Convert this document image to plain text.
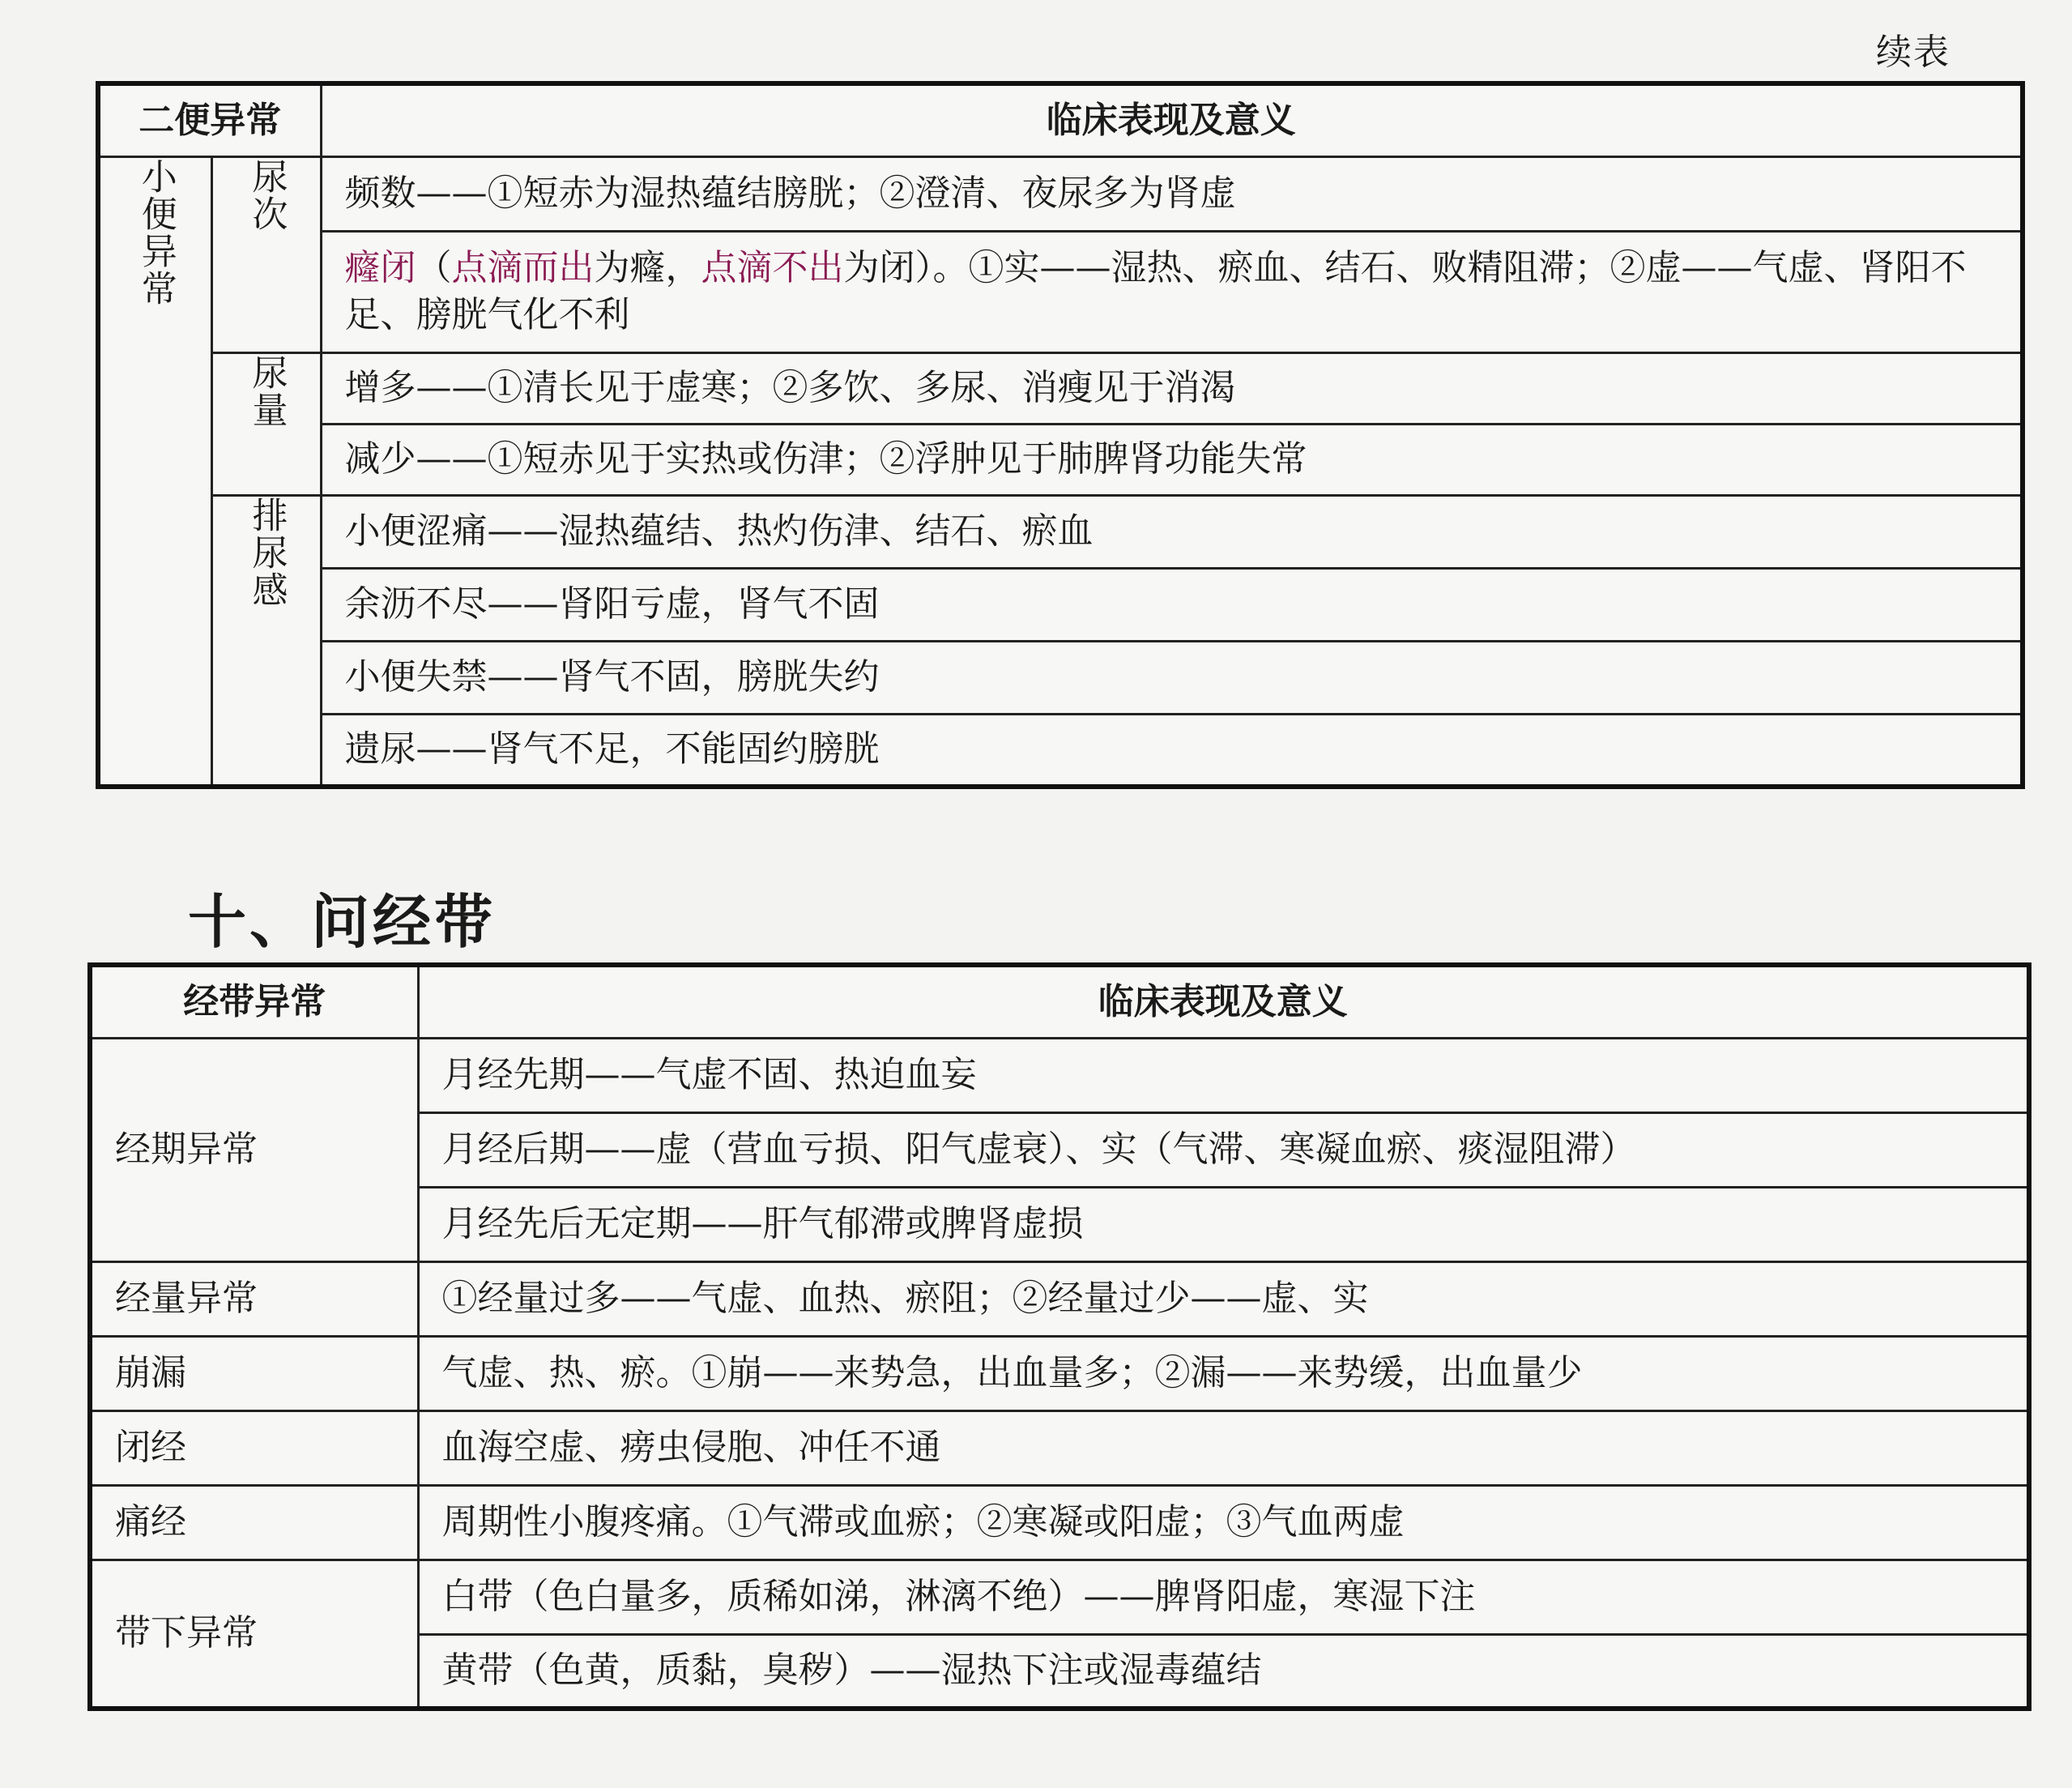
续表
二便异常		临床表现及意义
小便异常	尿次	频数——①短赤为湿热蕴结膀胱；②澄清、夜尿多为肾虚
		癃闭（点滴而出为癃，点滴不出为闭）。①实——湿热、瘀血、结石、败精阻滞；②虚——气虚、肾阳不足、膀胱气化不利
	尿量	增多——①清长见于虚寒；②多饮、多尿、消瘦见于消渴
		减少——①短赤见于实热或伤津；②浮肿见于肺脾肾功能失常
	排尿感	小便涩痛——湿热蕴结、热灼伤津、结石、瘀血
		余沥不尽——肾阳亏虚，肾气不固
		小便失禁——肾气不固，膀胱失约
		遗尿——肾气不足，不能固约膀胱
十、问经带
经带异常	临床表现及意义
经期异常	月经先期——气虚不固、热迫血妄
	月经后期——虚（营血亏损、阳气虚衰）、实（气滞、寒凝血瘀、痰湿阻滞）
	月经先后无定期——肝气郁滞或脾肾虚损
经量异常	①经量过多——气虚、血热、瘀阻；②经量过少——虚、实
崩漏	气虚、热、瘀。①崩——来势急，出血量多；②漏——来势缓，出血量少
闭经	血海空虚、痨虫侵胞、冲任不通
痛经	周期性小腹疼痛。①气滞或血瘀；②寒凝或阳虚；③气血两虚
带下异常	白带（色白量多，质稀如涕，淋漓不绝）——脾肾阳虚，寒湿下注
	黄带（色黄，质黏，臭秽）——湿热下注或湿毒蕴结
